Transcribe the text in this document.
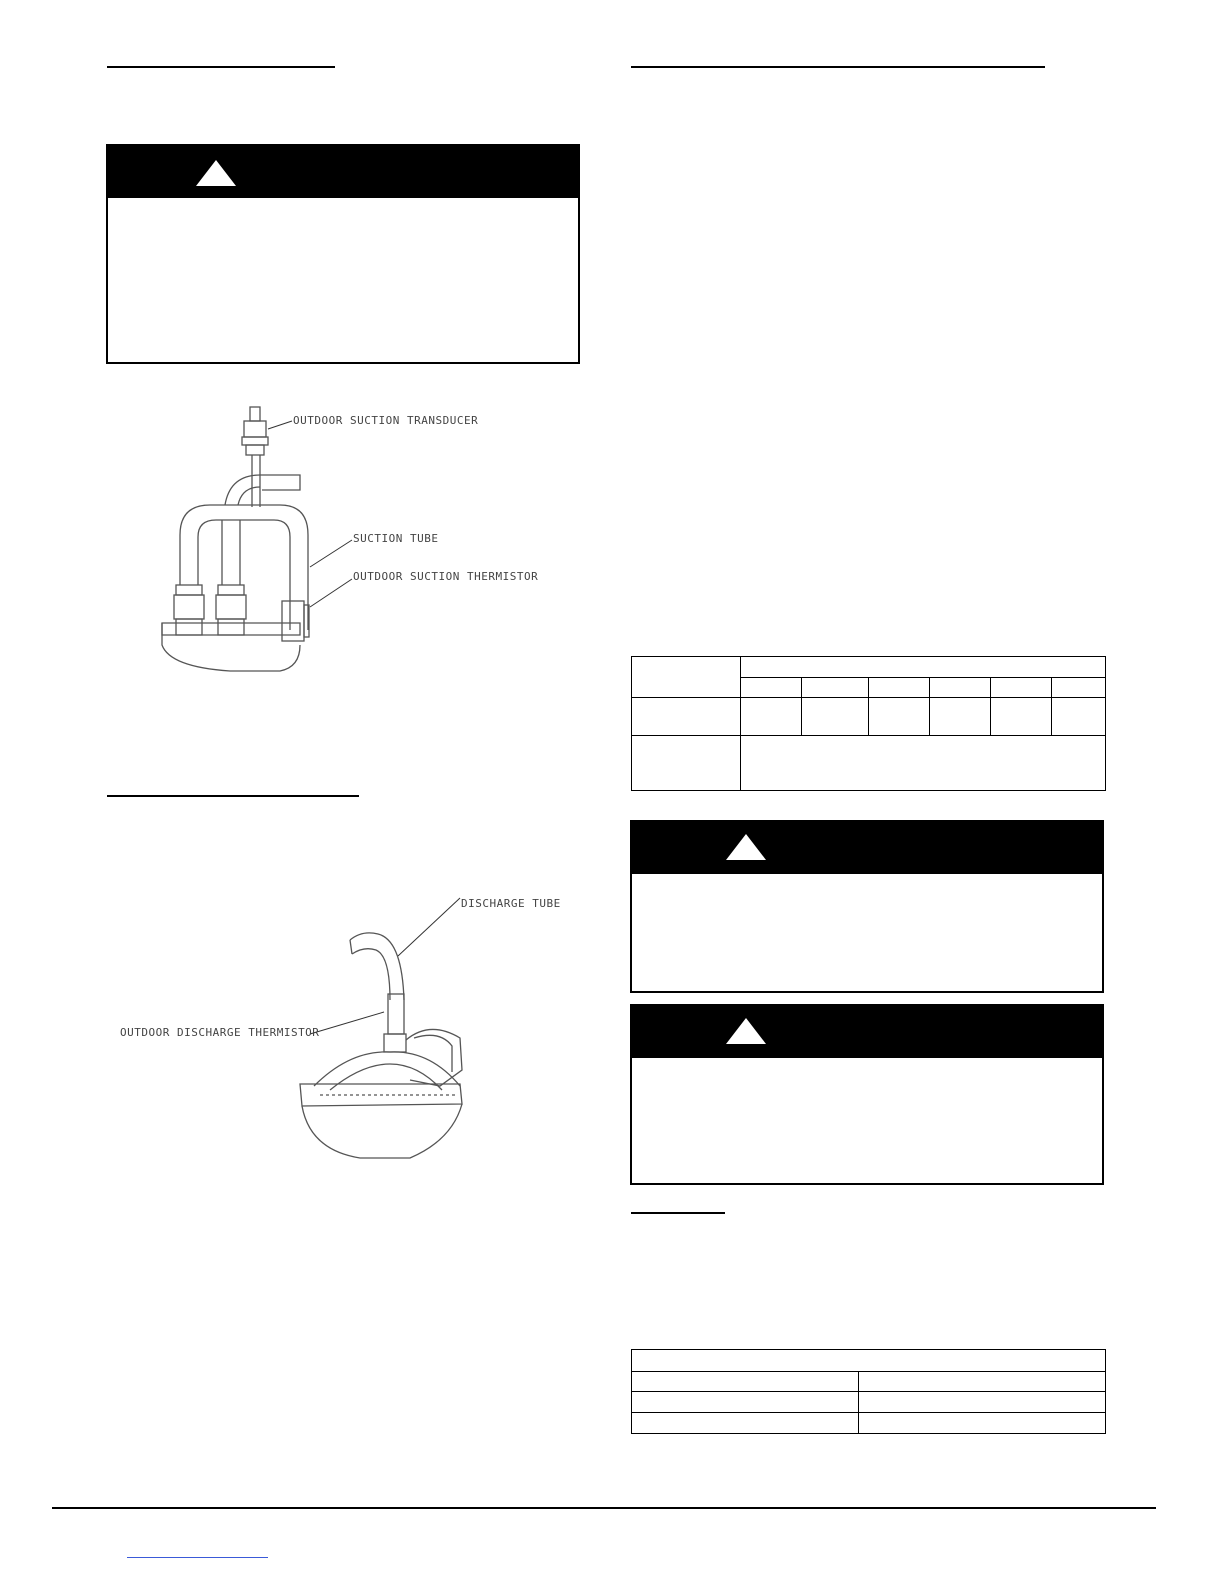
OUTDOOR SUCTION TRANSDUCER
SUCTION TUBE
OUTDOOR SUCTION THERMISTOR
DISCHARGE TUBE
OUTDOOR DISCHARGE THERMISTOR
